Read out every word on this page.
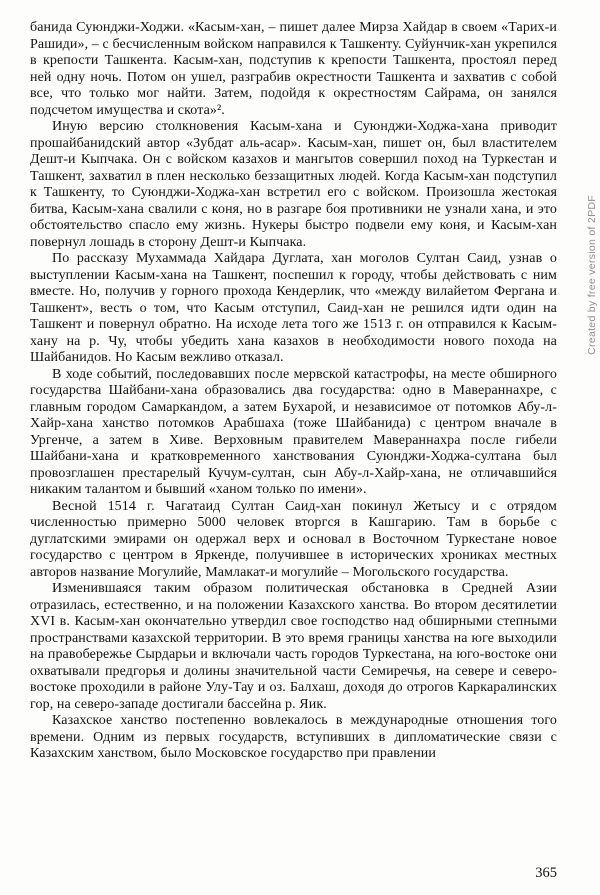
банида Суюнджи-Ходжи. «Касым-хан, – пишет далее Мирза Хайдар в своем «Тарих-и Рашиди», – с бесчисленным войском направился к Ташкенту. Суйунчик-хан укрепился в крепости Ташкента. Касым-хан, подступив к крепости Ташкента, простоял перед ней одну ночь. Потом он ушел, разграбив окрестности Ташкента и захватив с собой все, что только мог найти. Затем, подойдя к окрестностям Сайрама, он занялся подсчетом имущества и скота»².

Иную версию столкновения Касым-хана и Суюнджи-Ходжа-хана приводит прошайбанидский автор «Зубдат аль-асар». Касым-хан, пишет он, был властителем Дешт-и Кыпчака. Он с войском казахов и мангытов совершил поход на Туркестан и Ташкент, захватил в плен несколько беззащитных людей. Когда Касым-хан подступил к Ташкенту, то Суюнджи-Ходжа-хан встретил его с войском. Произошла жестокая битва, Касым-хана свалили с коня, но в разгаре боя противники не узнали хана, и это обстоятельство спасло ему жизнь. Нукеры быстро подвели ему коня, и Касым-хан повернул лошадь в сторону Дешт-и Кыпчака.

По рассказу Мухаммада Хайдара Дуглата, хан моголов Султан Саид, узнав о выступлении Касым-хана на Ташкент, поспешил к городу, чтобы действовать с ним вместе. Но, получив у горного прохода Кендерлик, что «между вилайетом Фергана и Ташкент», весть о том, что Касым отступил, Саид-хан не решился идти один на Ташкент и повернул обратно. На исходе лета того же 1513 г. он отправился к Касым-хану на р. Чу, чтобы убедить хана казахов в необходимости нового похода на Шайбанидов. Но Касым вежливо отказал.

В ходе событий, последовавших после мервской катастрофы, на месте обширного государства Шайбани-хана образовались два государства: одно в Мавераннахре, с главным городом Самаркандом, а затем Бухарой, и независимое от потомков Абу-л-Хайр-хана ханство потомков Арабшаха (тоже Шайбанида) с центром вначале в Ургенче, а затем в Хиве. Верховным правителем Мавераннахра после гибели Шайбани-хана и кратковременного ханствования Суюнджи-Ходжа-султана был провозглашен престарелый Кучум-султан, сын Абу-л-Хайр-хана, не отличавшийся никаким талантом и бывший «ханом только по имени».

Весной 1514 г. Чагатаид Султан Саид-хан покинул Жетысу и с отрядом численностью примерно 5000 человек вторгся в Кашгарию. Там в борьбе с дуглатскими эмирами он одержал верх и основал в Восточном Туркестане новое государство с центром в Яркенде, получившее в исторических хрониках местных авторов название Могулийе, Мамлакат-и могулийе – Могольского государства.

Изменившаяся таким образом политическая обстановка в Средней Азии отразилась, естественно, и на положении Казахского ханства. Во втором десятилетии XVI в. Касым-хан окончательно утвердил свое господство над обширными степными пространствами казахской территории. В это время границы ханства на юге выходили на правобережье Сырдарьи и включали часть городов Туркестана, на юго-востоке они охватывали предгорья и долины значительной части Семиречья, на севере и северо-востоке проходили в районе Улу-Тау и оз. Балхаш, доходя до отрогов Каркаралинских гор, на северо-западе достигали бассейна р. Яик.

Казахское ханство постепенно вовлекалось в международные отношения того времени. Одним из первых государств, вступивших в дипломатические связи с Казахским ханством, было Московское государство при правлении

Created by free version of 2PDF
365
